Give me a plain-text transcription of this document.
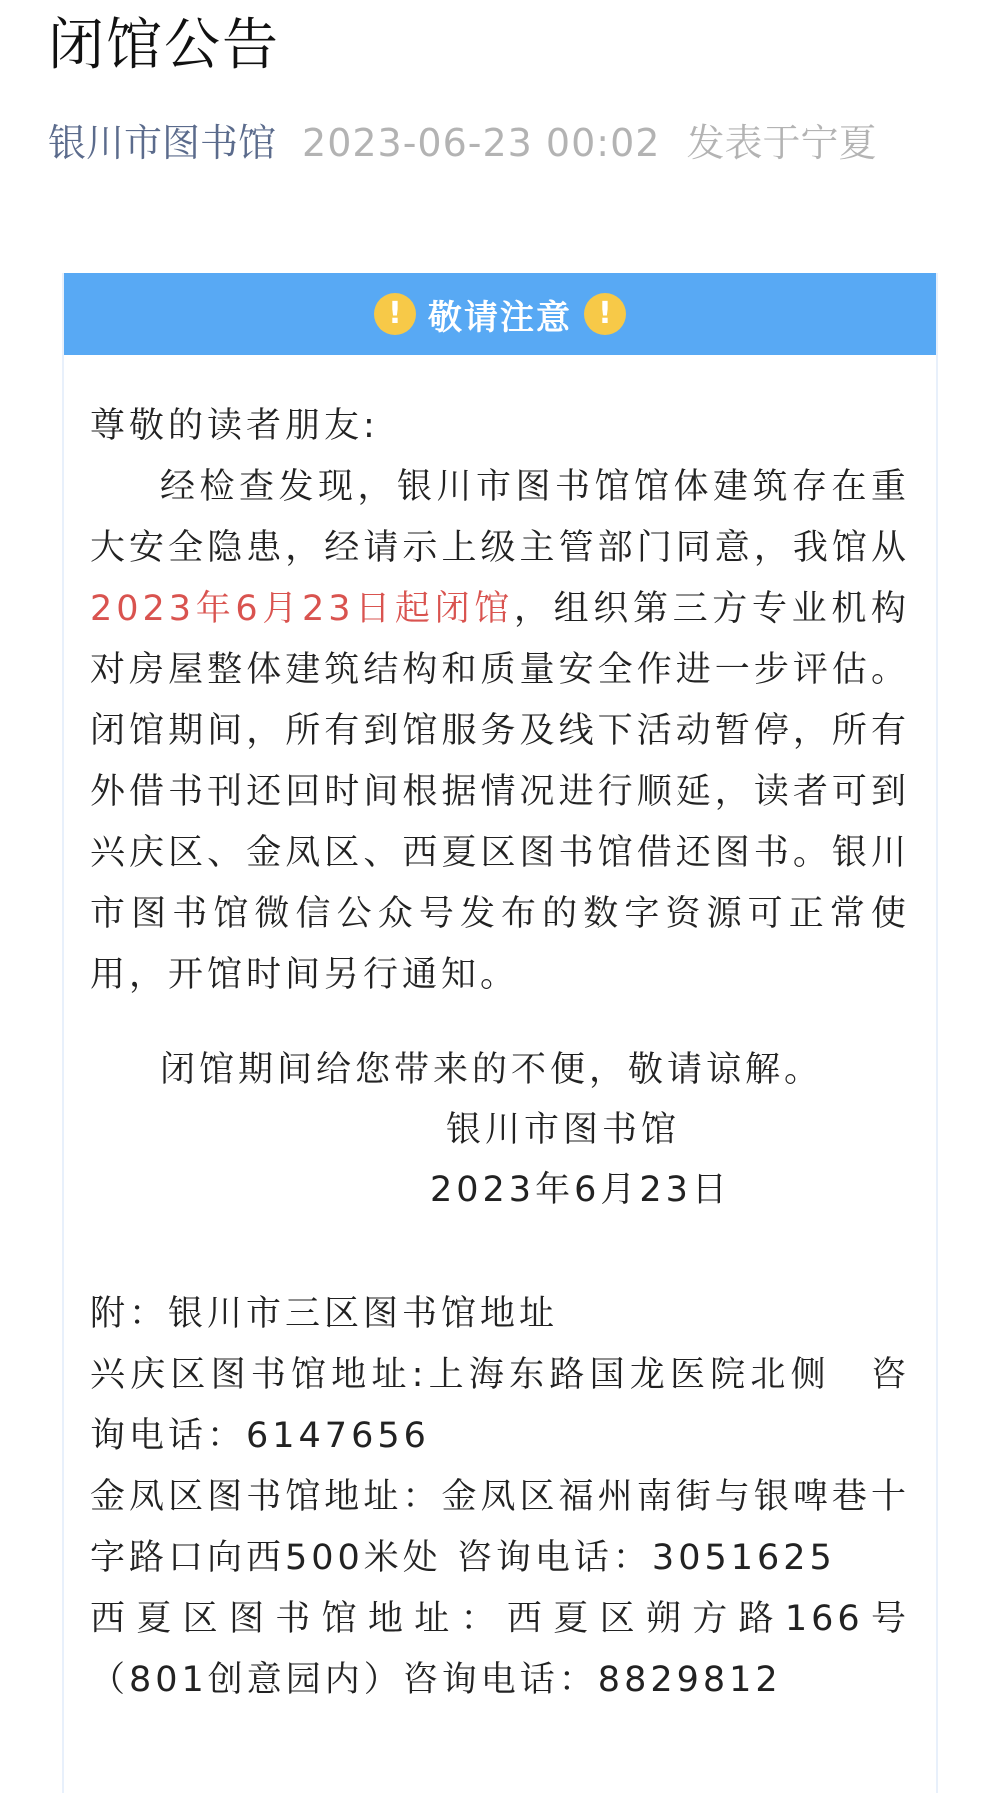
闭馆公告
银川市图书馆 2023-06-23 00:02 发表于宁夏
! 敬请注意 !
尊敬的读者朋友:
经检查发现，银川市图书馆馆体建筑存在重大安全隐患，经请示上级主管部门同意，我馆从2023年6月23日起闭馆，组织第三方专业机构对房屋整体建筑结构和质量安全作进一步评估。闭馆期间，所有到馆服务及线下活动暂停，所有外借书刊还回时间根据情况进行顺延，读者可到兴庆区、金凤区、西夏区图书馆借还图书。银川市图书馆微信公众号发布的数字资源可正常使用，开馆时间另行通知。
闭馆期间给您带来的不便，敬请谅解。
银川市图书馆
2023年6月23日
附：银川市三区图书馆地址
兴庆区图书馆地址:上海东路国龙医院北侧　咨询电话：6147656
金凤区图书馆地址：金凤区福州南街与银啤巷十字路口向西500米处 咨询电话：3051625
西夏区图书馆地址：西夏区朔方路166号（801创意园内）咨询电话：8829812
